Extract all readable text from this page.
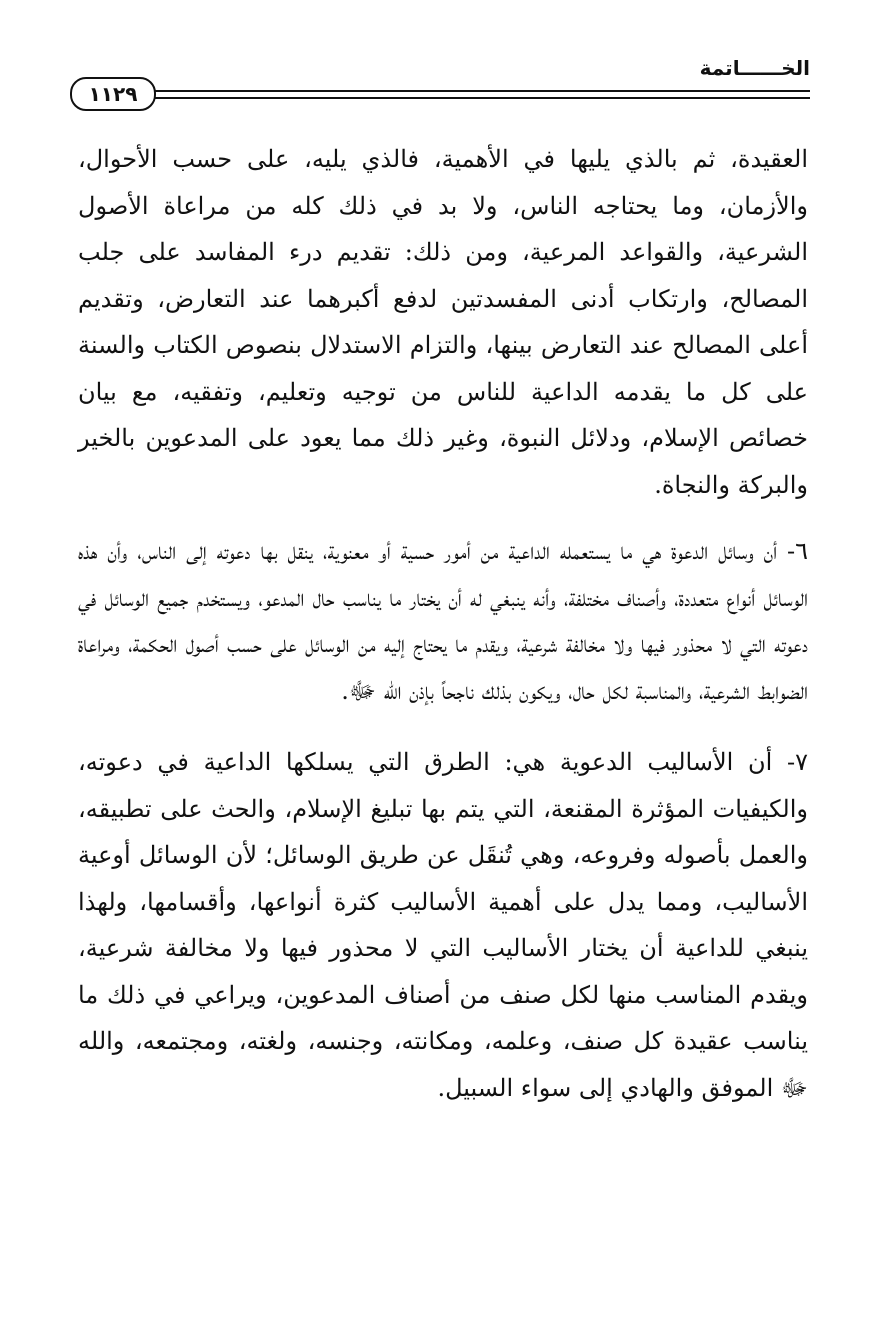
الخــــــاتمة
١١٢٩

العقيدة، ثم بالذي يليها في الأهمية، فالذي يليه، على حسب الأحوال، والأزمان، وما يحتاجه الناس، ولا بد في ذلك كله من مراعاة الأصول الشرعية، والقواعد المرعية، ومن ذلك: تقديم درء المفاسد على جلب المصالح، وارتكاب أدنى المفسدتين لدفع أكبرهما عند التعارض، وتقديم أعلى المصالح عند التعارض بينها، والتزام الاستدلال بنصوص الكتاب والسنة على كل ما يقدمه الداعية للناس من توجيه وتعليم، وتفقيه، مع بيان خصائص الإسلام، ودلائل النبوة، وغير ذلك مما يعود على المدعوين بالخير والبركة والنجاة.

٦- أن وسائل الدعوة هي ما يستعمله الداعية من أمور حسية أو معنوية، ينقل بها دعوته إلى الناس، وأن هذه الوسائل أنواع متعددة، وأصناف مختلفة، وأنه ينبغي له أن يختار ما يناسب حال المدعو، ويستخدم جميع الوسائل في دعوته التي لا محذور فيها ولا مخالفة شرعية، ويقدم ما يحتاج إليه من الوسائل على حسب أصول الحكمة، ومراعاة الضوابط الشرعية، والمناسبة لكل حال، ويكون بذلك ناجحاً بإذن الله ﷻ.

٧- أن الأساليب الدعوية هي: الطرق التي يسلكها الداعية في دعوته، والكيفيات المؤثرة المقنعة، التي يتم بها تبليغ الإسلام، والحث على تطبيقه، والعمل بأصوله وفروعه، وهي تُنقَل عن طريق الوسائل؛ لأن الوسائل أوعية الأساليب، ومما يدل على أهمية الأساليب كثرة أنواعها، وأقسامها، ولهذا ينبغي للداعية أن يختار الأساليب التي لا محذور فيها ولا مخالفة شرعية، ويقدم المناسب منها لكل صنف من أصناف المدعوين، ويراعي في ذلك ما يناسب عقيدة كل صنف، وعلمه، ومكانته، وجنسه، ولغته، ومجتمعه، والله ﷻ الموفق والهادي إلى سواء السبيل.
